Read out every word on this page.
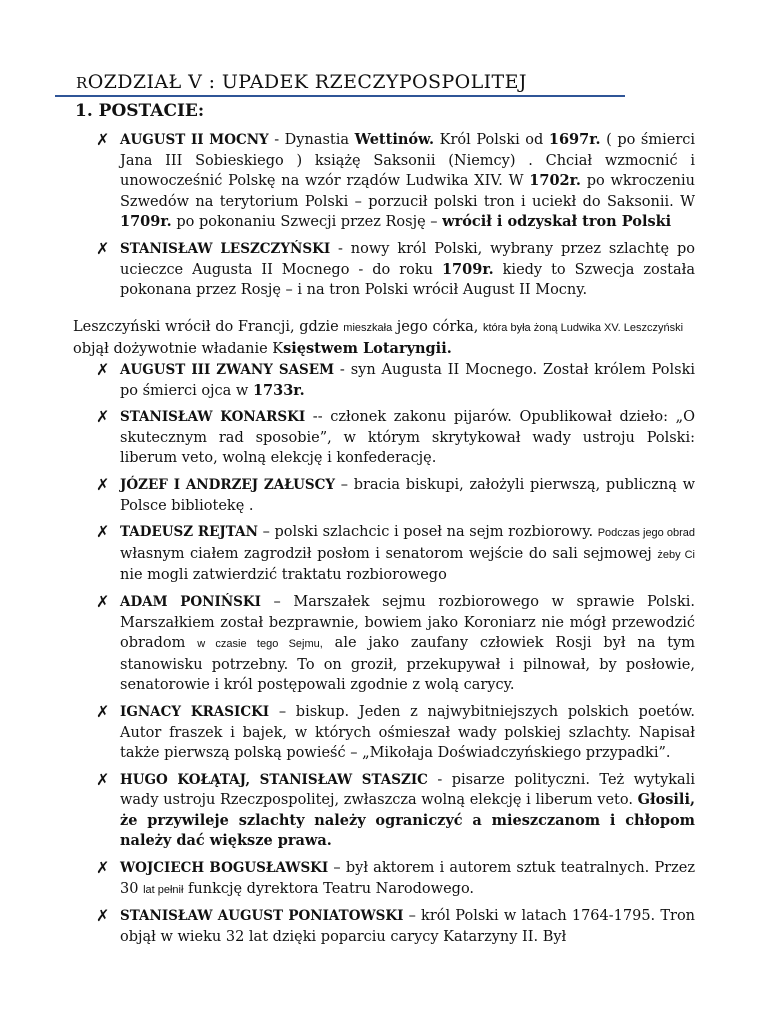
ROZDZIAŁ V : UPADEK RZECZYPOSPOLITEJ
1. POSTACIE:
✗ AUGUST II MOCNY - Dynastia Wettinów. Król Polski od 1697r. ( po śmierci Jana III Sobieskiego ) książę Saksonii (Niemcy) . Chciał wzmocnić i unowocześnić Polskę na wzór rządów Ludwika XIV. W 1702r. po wkroczeniu Szwedów na terytorium Polski – porzucił polski tron i uciekł do Saksonii. W 1709r. po pokonaniu Szwecji przez Rosję – wrócił i odzyskał tron Polski
✗ STANISŁAW LESZCZYŃSKI - nowy król Polski, wybrany przez szlachtę po ucieczce Augusta II Mocnego - do roku 1709r. kiedy to Szwecja została pokonana przez Rosję – i na tron Polski wrócił August II Mocny.
Leszczyński wrócił do Francji, gdzie mieszkała jego córka, która była żoną Ludwika XV. Leszczyński objął dożywotnie władanie Księstwem Lotaryngii.
✗ AUGUST III ZWANY SASEM - syn Augusta II Mocnego. Został królem Polski po śmierci ojca w 1733r.
✗ STANISŁAW KONARSKI -- członek zakonu pijarów. Opublikował dzieło: „O skutecznym rad sposobie”, w którym skrytykował wady ustroju Polski: liberum veto, wolną elekcję i konfederację.
✗ JÓZEF I ANDRZEJ ZAŁUSCY – bracia biskupi, założyli pierwszą, publiczną w Polsce bibliotekę .
✗ TADEUSZ REJTAN – polski szlachcic i poseł na sejm rozbiorowy. Podczas jego obrad własnym ciałem zagrodził posłom i senatorom wejście do sali sejmowej żeby Ci nie mogli zatwierdzić traktatu rozbiorowego
✗ ADAM PONIŃSKI – Marszałek sejmu rozbiorowego w sprawie Polski. Marszałkiem został bezprawnie, bowiem jako Koroniarz nie mógł przewodzić obradom w czasie tego Sejmu, ale jako zaufany człowiek Rosji był na tym stanowisku potrzebny. To on groził, przekupywał i pilnował, by posłowie, senatorowie i król postępowali zgodnie z wolą carycy.
✗ IGNACY KRASICKI – biskup. Jeden z najwybitniejszych polskich poetów. Autor fraszek i bajek, w których ośmieszał wady polskiej szlachty. Napisał także pierwszą polską powieść – „Mikołaja Doświadczyńskiego przypadki”.
✗ HUGO KOŁĄTAJ, STANISŁAW STASZIC - pisarze polityczni. Też wytykali wady ustroju Rzeczpospolitej, zwłaszcza wolną elekcję i liberum veto. Głosili, że przywileje szlachty należy ograniczyć a mieszczanom i chłopom należy dać większe prawa.
✗ WOJCIECH BOGUSŁAWSKI – był aktorem i autorem sztuk teatralnych. Przez 30 lat pełnił funkcję dyrektora Teatru Narodowego.
✗ STANISŁAW AUGUST PONIATOWSKI – król Polski w latach 1764-1795. Tron objął w wieku 32 lat dzięki poparciu carycy Katarzyny II. Był
